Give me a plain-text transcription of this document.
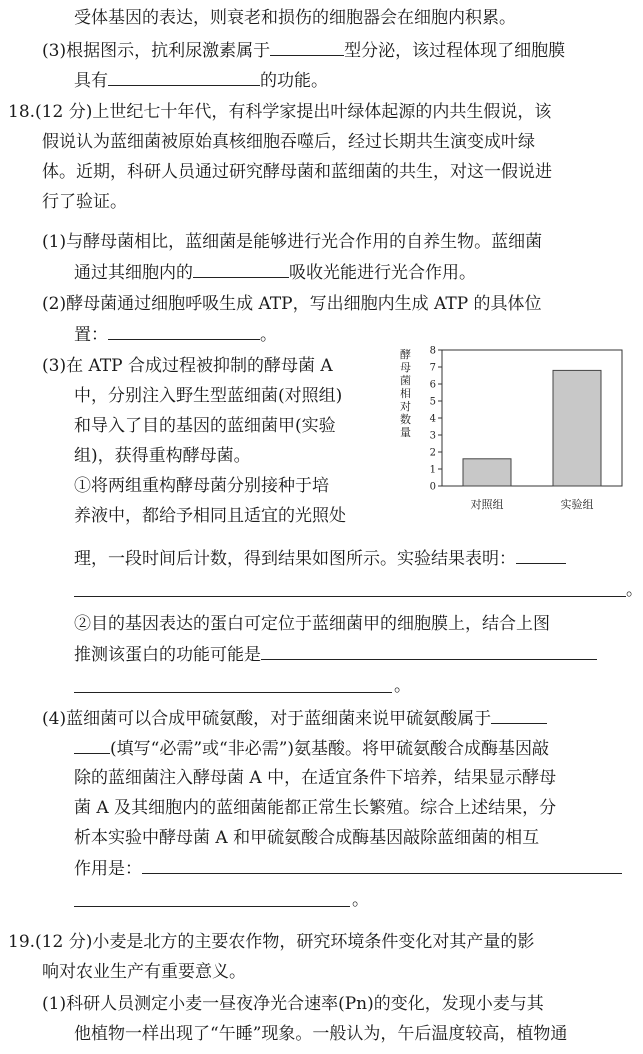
受体基因的表达，则衰老和损伤的细胞器会在细胞内积累。
(3)根据图示，抗利尿激素属于	型分泌，该过程体现了细胞膜
具有	的功能。
18.(12 分)上世纪七十年代，有科学家提出叶绿体起源的内共生假说，该
假说认为蓝细菌被原始真核细胞吞噬后，经过长期共生演变成叶绿
体。近期，科研人员通过研究酵母菌和蓝细菌的共生，对这一假说进
行了验证。
(1)与酵母菌相比，蓝细菌是能够进行光合作用的自养生物。蓝细菌
通过其细胞内的	吸收光能进行光合作用。
(2)酵母菌通过细胞呼吸生成 ATP，写出细胞内生成 ATP 的具体位
置：	。
(3)在 ATP 合成过程被抑制的酵母菌 A
中，分别注入野生型蓝细菌(对照组)
和导入了目的基因的蓝细菌甲(实验
组)，获得重构酵母菌。
①将两组重构酵母菌分别接种于培
养液中，都给予相同且适宜的光照处
理，一段时间后计数，得到结果如图所示。实验结果表明：
。
②目的基因表达的蛋白可定位于蓝细菌甲的细胞膜上，结合上图
推测该蛋白的功能可能是
。
(4)蓝细菌可以合成甲硫氨酸，对于蓝细菌来说甲硫氨酸属于
(填写“必需”或“非必需”)氨基酸。将甲硫氨酸合成酶基因敲
除的蓝细菌注入酵母菌 A 中，在适宜条件下培养，结果显示酵母
菌 A 及其细胞内的蓝细菌能都正常生长繁殖。综合上述结果，分
析本实验中酵母菌 A 和甲硫氨酸合成酶基因敲除蓝细菌的相互
作用是：
。
19.(12 分)小麦是北方的主要农作物，研究环境条件变化对其产量的影
响对农业生产有重要意义。
(1)科研人员测定小麦一昼夜净光合速率(Pn)的变化，发现小麦与其
他植物一样出现了“午睡”现象。一般认为，午后温度较高，植物通
酵母菌相对数量
0
1
2
3
4
5
6
7
8
对照组	实验组
